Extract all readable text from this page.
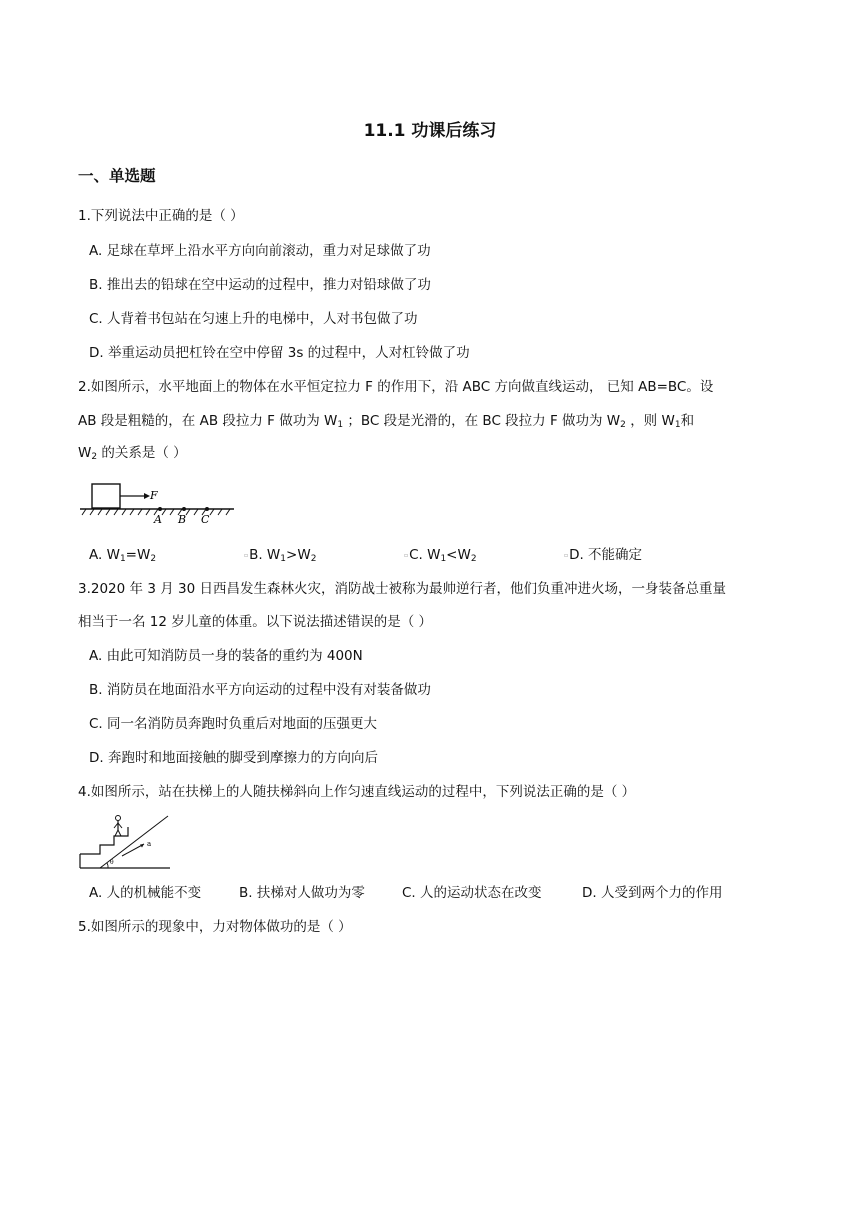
11.1 功课后练习
一、单选题
1.下列说法中正确的是（ ）
A. 足球在草坪上沿水平方向向前滚动，重力对足球做了功
B. 推出去的铅球在空中运动的过程中，推力对铅球做了功
C. 人背着书包站在匀速上升的电梯中，人对书包做了功
D. 举重运动员把杠铃在空中停留 3s 的过程中，人对杠铃做了功
2.如图所示，水平地面上的物体在水平恒定拉力 F 的作用下，沿 ABC 方向做直线运动， 已知 AB=BC。设
AB 段是粗糙的，在 AB 段拉力 F 做功为 $W_1$ ；BC 段是光滑的，在 BC 段拉力 F 做功为 $W_2$ ，则 $W_1$和
$W_2$ 的关系是（ ）
F
A B C
A. $W_1=W_2$	▫B. $W_1>W_2$	▫C. $W_1<W_2$	▫D. 不能确定
3.2020 年 3 月 30 日西昌发生森林火灾，消防战士被称为最帅逆行者，他们负重冲进火场，一身装备总重量
相当于一名 12 岁儿童的体重。以下说法描述错误的是（ ）
A. 由此可知消防员一身的装备的重约为 400N
B. 消防员在地面沿水平方向运动的过程中没有对装备做功
C. 同一名消防员奔跑时负重后对地面的压强更大
D. 奔跑时和地面接触的脚受到摩擦力的方向向后
4.如图所示，站在扶梯上的人随扶梯斜向上作匀速直线运动的过程中，下列说法正确的是（ ）
a
θ
A. 人的机械能不变	B. 扶梯对人做功为零	C. 人的运动状态在改变	D. 人受到两个力的作用
5.如图所示的现象中，力对物体做功的是（ ）
